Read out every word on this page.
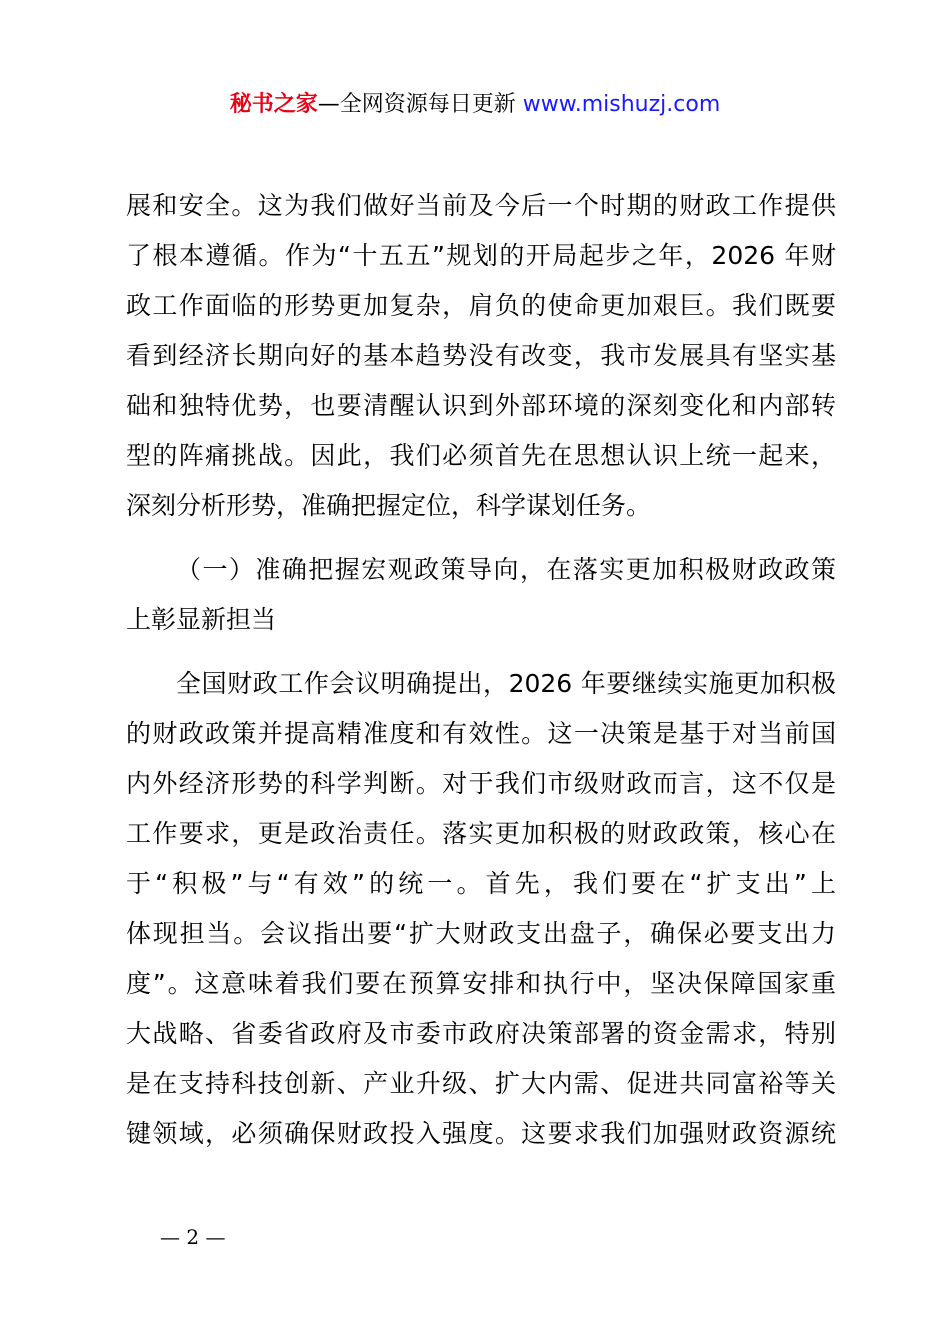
秘书之家—全网资源每日更新 www.mishuzj.com
展和安全。这为我们做好当前及今后一个时期的财政工作提供
了根本遵循。作为“十五五”规划的开局起步之年，2026 年财
政工作面临的形势更加复杂，肩负的使命更加艰巨。我们既要
看到经济长期向好的基本趋势没有改变，我市发展具有坚实基
础和独特优势，也要清醒认识到外部环境的深刻变化和内部转
型的阵痛挑战。因此，我们必须首先在思想认识上统一起来，
深刻分析形势，准确把握定位，科学谋划任务。
（一）准确把握宏观政策导向，在落实更加积极财政政策
上彰显新担当
全国财政工作会议明确提出，2026 年要继续实施更加积极
的财政政策并提高精准度和有效性。这一决策是基于对当前国
内外经济形势的科学判断。对于我们市级财政而言，这不仅是
工作要求，更是政治责任。落实更加积极的财政政策，核心在
于“积极”与“有效”的统一。首先，我们要在“扩支出”上
体现担当。会议指出要“扩大财政支出盘子，确保必要支出力
度”。这意味着我们要在预算安排和执行中，坚决保障国家重
大战略、省委省政府及市委市政府决策部署的资金需求，特别
是在支持科技创新、产业升级、扩大内需、促进共同富裕等关
键领域，必须确保财政投入强度。这要求我们加强财政资源统
— 2 —
